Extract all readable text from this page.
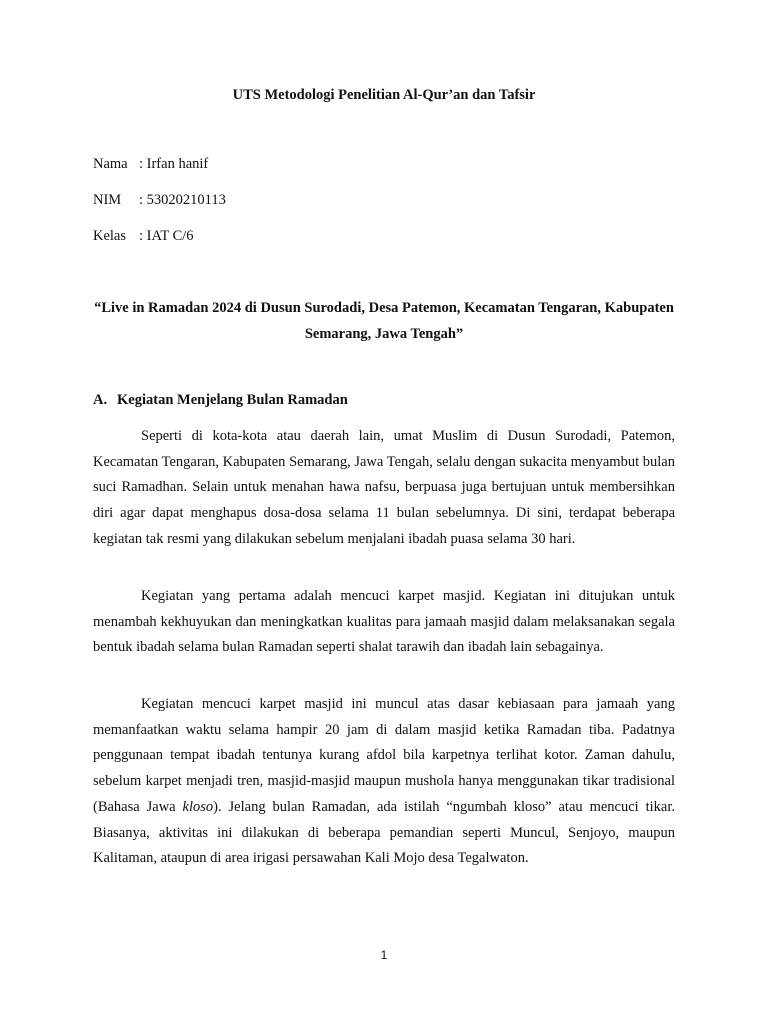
UTS Metodologi Penelitian Al-Qur’an dan Tafsir
Nama : Irfan hanif
NIM : 53020210113
Kelas : IAT C/6
“Live in Ramadan 2024 di Dusun Surodadi, Desa Patemon, Kecamatan Tengaran, Kabupaten Semarang, Jawa Tengah”
A. Kegiatan Menjelang Bulan Ramadan

Seperti di kota-kota atau daerah lain, umat Muslim di Dusun Surodadi, Patemon, Kecamatan Tengaran, Kabupaten Semarang, Jawa Tengah, selalu dengan sukacita menyambut bulan suci Ramadhan. Selain untuk menahan hawa nafsu, berpuasa juga bertujuan untuk membersihkan diri agar dapat menghapus dosa-dosa selama 11 bulan sebelumnya. Di sini, terdapat beberapa kegiatan tak resmi yang dilakukan sebelum menjalani ibadah puasa selama 30 hari.

Kegiatan yang pertama adalah mencuci karpet masjid. Kegiatan ini ditujukan untuk menambah kekhuyukan dan meningkatkan kualitas para jamaah masjid dalam melaksanakan segala bentuk ibadah selama bulan Ramadan seperti shalat tarawih dan ibadah lain sebagainya.

Kegiatan mencuci karpet masjid ini muncul atas dasar kebiasaan para jamaah yang memanfaatkan waktu selama hampir 20 jam di dalam masjid ketika Ramadan tiba. Padatnya penggunaan tempat ibadah tentunya kurang afdol bila karpetnya terlihat kotor. Zaman dahulu, sebelum karpet menjadi tren, masjid-masjid maupun mushola hanya menggunakan tikar tradisional (Bahasa Jawa kloso). Jelang bulan Ramadan, ada istilah “ngumbah kloso” atau mencuci tikar. Biasanya, aktivitas ini dilakukan di beberapa pemandian seperti Muncul, Senjoyo, maupun Kalitaman, ataupun di area irigasi persawahan Kali Mojo desa Tegalwaton.

1
